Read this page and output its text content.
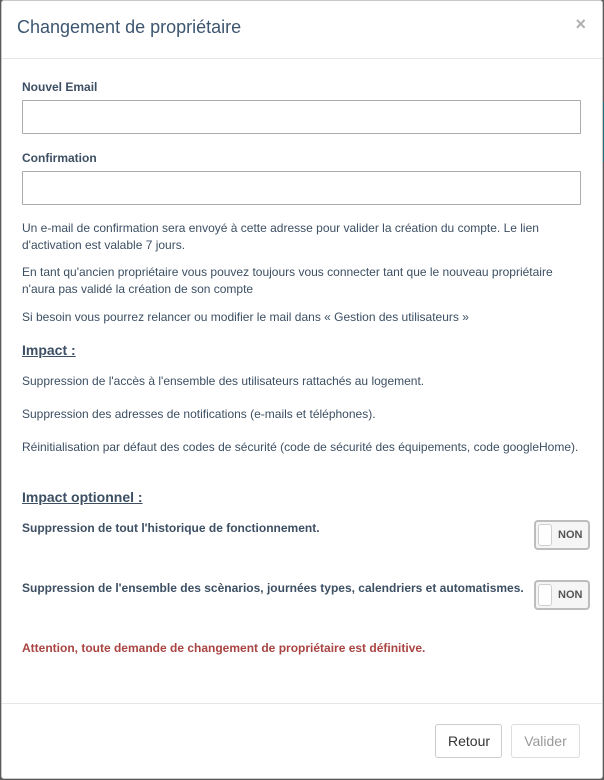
Changement de propriétaire	×
Nouvel Email
Confirmation

Un e-mail de confirmation sera envoyé à cette adresse pour valider la création du compte. Le lien d'activation est valable 7 jours.

En tant qu'ancien propriétaire vous pouvez toujours vous connecter tant que le nouveau propriétaire n'aura pas validé la création de son compte

Si besoin vous pourrez relancer ou modifier le mail dans « Gestion des utilisateurs »

Impact :

Suppression de l'accès à l'ensemble des utilisateurs rattachés au logement.

Suppression des adresses de notifications (e-mails et téléphones).

Réinitialisation par défaut des codes de sécurité (code de sécurité des équipements, code googleHome).

Impact optionnel :
Suppression de tout l'historique de fonctionnement.	NON
Suppression de l'ensemble des scènarios, journées types, calendriers et automatismes.	NON

Attention, toute demande de changement de propriétaire est définitive.

Retour	Valider
